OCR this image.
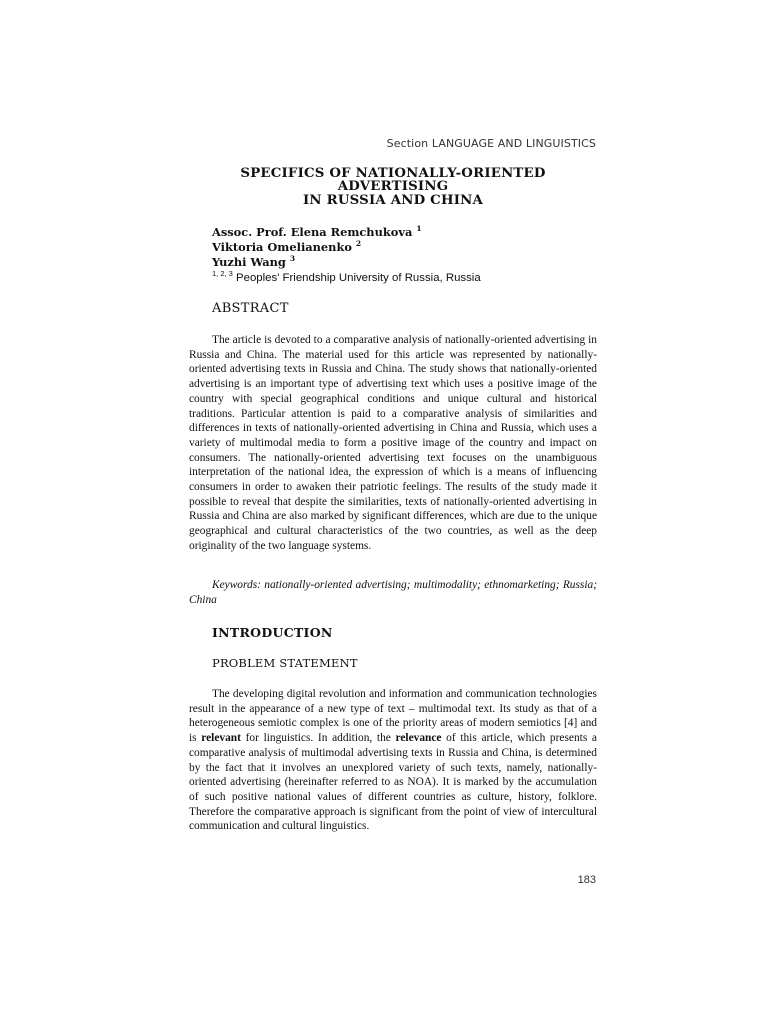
Section LANGUAGE AND LINGUISTICS
SPECIFICS OF NATIONALLY-ORIENTED ADVERTISING
IN RUSSIA AND CHINA
Assoc. Prof. Elena Remchukova $^1$
Viktoria Omelianenko $^2$
Yuzhi Wang $^3$
$^{1, 2, 3}$ Peoples' Friendship University of Russia, Russia
ABSTRACT

The article is devoted to a comparative analysis of nationally-oriented advertising in Russia and China. The material used for this article was represented by nationally-oriented advertising texts in Russia and China. The study shows that nationally-oriented advertising is an important type of advertising text which uses a positive image of the country with special geographical conditions and unique cultural and historical traditions. Particular attention is paid to a comparative analysis of similarities and differences in texts of nationally-oriented advertising in China and Russia, which uses a variety of multimodal media to form a positive image of the country and impact on consumers. The nationally-oriented advertising text focuses on the unambiguous interpretation of the national idea, the expression of which is a means of influencing consumers in order to awaken their patriotic feelings. The results of the study made it possible to reveal that despite the similarities, texts of nationally-oriented advertising in Russia and China are also marked by significant differences, which are due to the unique geographical and cultural characteristics of the two countries, as well as the deep originality of the two language systems.

Keywords: nationally-oriented advertising; multimodality; ethnomarketing; Russia; China

INTRODUCTION
PROBLEM STATEMENT

The developing digital revolution and information and communication technologies result in the appearance of a new type of text – multimodal text. Its study as that of a heterogeneous semiotic complex is one of the priority areas of modern semiotics [4] and is relevant for linguistics. In addition, the relevance of this article, which presents a comparative analysis of multimodal advertising texts in Russia and China, is determined by the fact that it involves an unexplored variety of such texts, namely, nationally-oriented advertising (hereinafter referred to as NOA). It is marked by the accumulation of such positive national values of different countries as culture, history, folklore. Therefore the comparative approach is significant from the point of view of intercultural communication and cultural linguistics.

183
